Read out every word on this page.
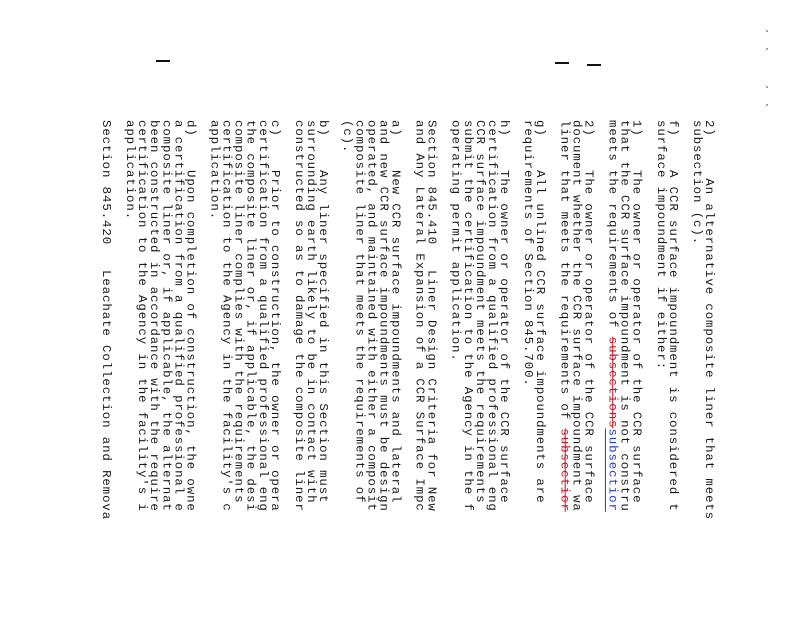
2)     An alternative composite liner that meets
subsection (c).
f)    A CCR surface impoundment is considered t
surface impoundment if either:
1)    The owner or operator of the CCR surface
that the CCR surface impoundment is not constru
meets the requirements of subsectionssubsectior
2)    The owner or operator of the CCR surface
document whether the CCR surface impoundment wa
liner that meets the requirements of subsectior
g)    All unlined CCR surface impoundments are
requirements of Section 845.700.
h)    The owner or operator of the CCR surface
certification from a qualified professional eng
CCR surface impoundment meets the requirements
submit the certification to the Agency in the f
operating permit application.
Section 845.410   Liner Design Criteria for New
and Any Lateral Expansion of a CCR Surface Impc
a)    New CCR surface impoundments and lateral
and new CCR surface impoundments must be design
operated, and maintained with either a composit
composite liner that meets the requirements of
(c).
b)    Any liner specified in this Section must
surrounding earth likely to be in contact with
constructed so as to damage the composite liner
c)    Prior to construction, the owner or opera
certification from a qualified professional eng
the composite liner or, if applicable, the desi
composite liner complies with the requirements
certification to the Agency in the facility's c
application.
d)    Upon completion of construction, the owne
a certification from a qualified professional e
composite liner or, if applicable, the alternat
been constructed in accordance with the require
certification to the Agency in the facility's i
application.
Section 845.420   Leachate Collection and Remova
